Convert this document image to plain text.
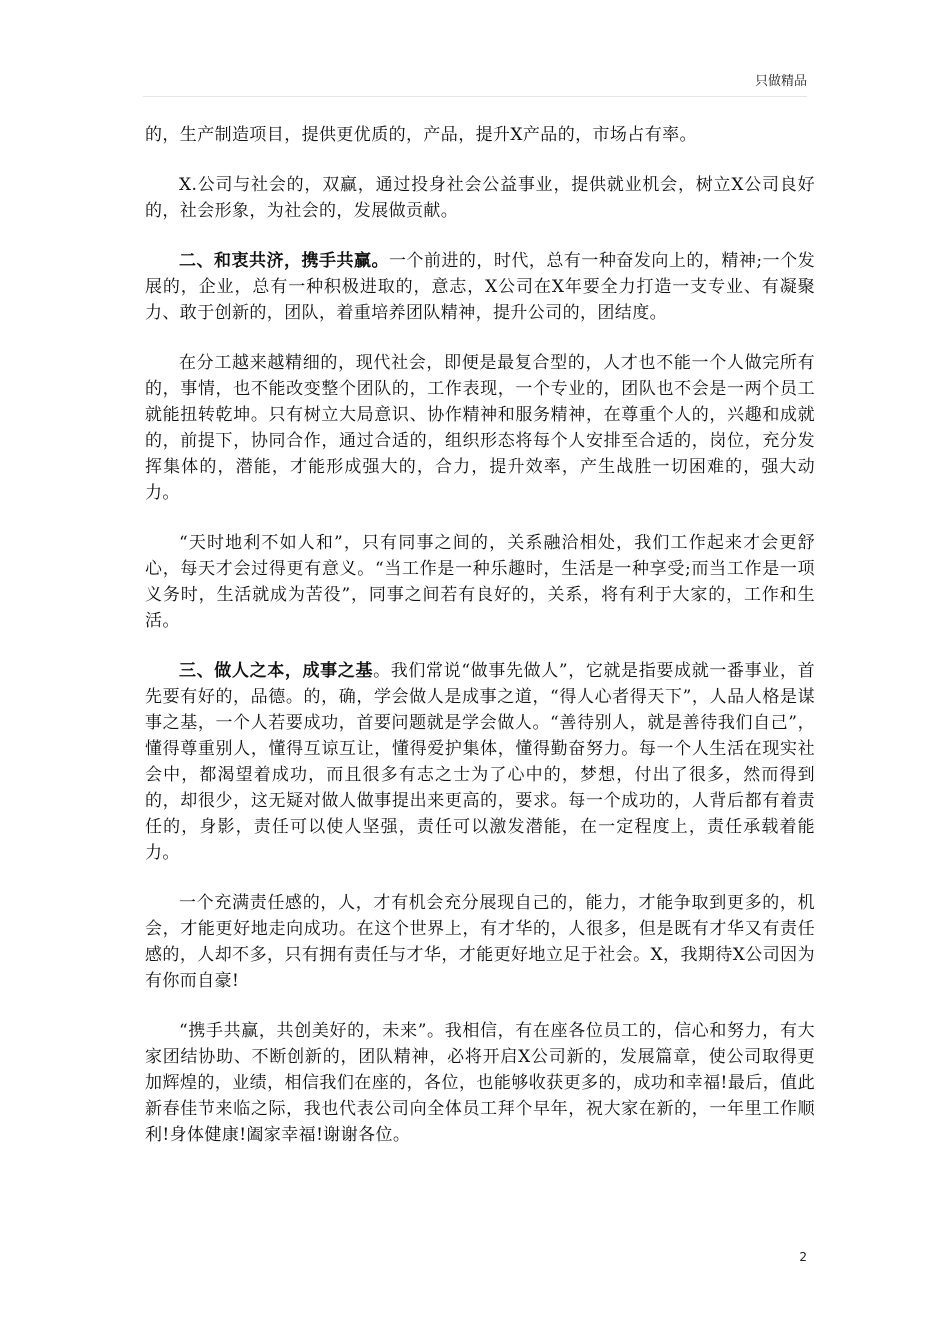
只做精品

的，生产制造项目，提供更优质的，产品，提升X产品的，市场占有率。

X.公司与社会的，双赢，通过投身社会公益事业，提供就业机会，树立X公司良好的，社会形象，为社会的，发展做贡献。

二、和衷共济，携手共赢。一个前进的，时代，总有一种奋发向上的，精神;一个发展的，企业，总有一种积极进取的，意志，X公司在X年要全力打造一支专业、有凝聚力、敢于创新的，团队，着重培养团队精神，提升公司的，团结度。

在分工越来越精细的，现代社会，即便是最复合型的，人才也不能一个人做完所有的，事情，也不能改变整个团队的，工作表现，一个专业的，团队也不会是一两个员工就能扭转乾坤。只有树立大局意识、协作精神和服务精神，在尊重个人的，兴趣和成就的，前提下，协同合作，通过合适的，组织形态将每个人安排至合适的，岗位，充分发挥集体的，潜能，才能形成强大的，合力，提升效率，产生战胜一切困难的，强大动力。

“天时地利不如人和”，只有同事之间的，关系融洽相处，我们工作起来才会更舒心，每天才会过得更有意义。“当工作是一种乐趣时，生活是一种享受;而当工作是一项义务时，生活就成为苦役”，同事之间若有良好的，关系，将有利于大家的，工作和生活。

三、做人之本，成事之基。我们常说“做事先做人”，它就是指要成就一番事业，首先要有好的，品德。的，确，学会做人是成事之道，“得人心者得天下”，人品人格是谋事之基，一个人若要成功，首要问题就是学会做人。“善待别人，就是善待我们自己”，懂得尊重别人，懂得互谅互让，懂得爱护集体，懂得勤奋努力。每一个人生活在现实社会中，都渴望着成功，而且很多有志之士为了心中的，梦想，付出了很多，然而得到的，却很少，这无疑对做人做事提出来更高的，要求。每一个成功的，人背后都有着责任的，身影，责任可以使人坚强，责任可以激发潜能，在一定程度上，责任承载着能力。

一个充满责任感的，人，才有机会充分展现自己的，能力，才能争取到更多的，机会，才能更好地走向成功。在这个世界上，有才华的，人很多，但是既有才华又有责任感的，人却不多，只有拥有责任与才华，才能更好地立足于社会。X，我期待X公司因为有你而自豪!

“携手共赢，共创美好的，未来”。我相信，有在座各位员工的，信心和努力，有大家团结协助、不断创新的，团队精神，必将开启X公司新的，发展篇章，使公司取得更加辉煌的，业绩，相信我们在座的，各位，也能够收获更多的，成功和幸福!最后，值此新春佳节来临之际，我也代表公司向全体员工拜个早年，祝大家在新的，一年里工作顺利!身体健康!阖家幸福!谢谢各位。

2
